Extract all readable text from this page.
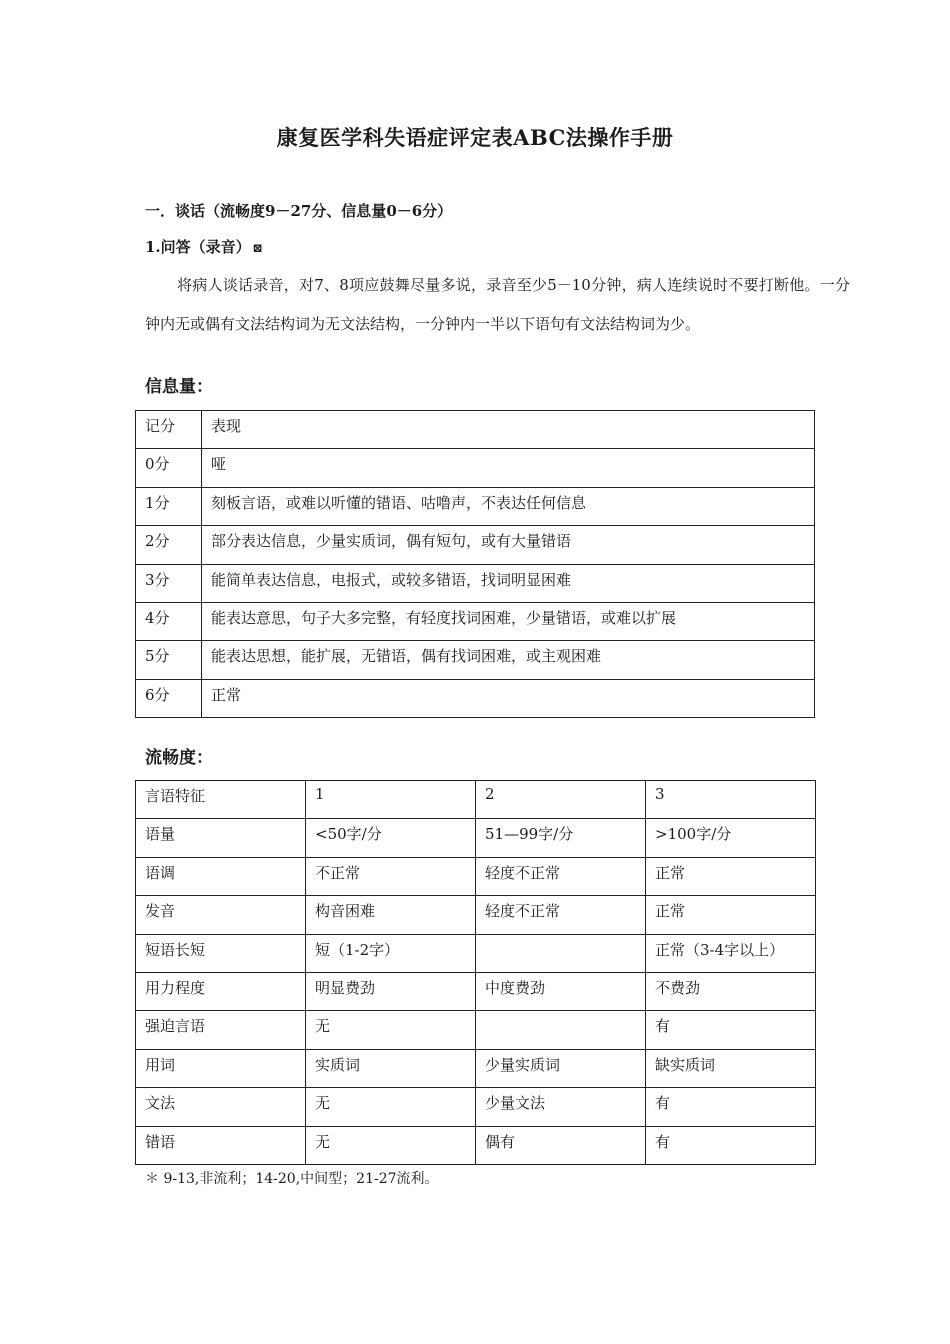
康复医学科失语症评定表ABC法操作手册
一．谈话（流畅度9－27分、信息量0－6分）
1.问答（录音） ⊠
将病人谈话录音，对7、8项应鼓舞尽量多说，录音至少5－10分钟，病人连续说时不要打断他。一分钟内无或偶有文法结构词为无文法结构，一分钟内一半以下语句有文法结构词为少。
信息量：
记分	表现
0分	哑
1分	刻板言语，或难以听懂的错语、咕噜声，不表达任何信息
2分	部分表达信息，少量实质词，偶有短句，或有大量错语
3分	能简单表达信息，电报式，或较多错语，找词明显困难
4分	能表达意思，句子大多完整，有轻度找词困难，少量错语，或难以扩展
5分	能表达思想，能扩展，无错语，偶有找词困难，或主观困难
6分	正常
流畅度：
言语特征	1	2	3
语量	<50字/分	51—99字/分	>100字/分
语调	不正常	轻度不正常	正常
发音	构音困难	轻度不正常	正常
短语长短	短（1-2字）		正常（3-4字以上）
用力程度	明显费劲	中度费劲	不费劲
强迫言语	无		有
用词	实质词	少量实质词	缺实质词
文法	无	少量文法	有
错语	无	偶有	有
＊ 9-13,非流利；14-20,中间型；21-27流利。
